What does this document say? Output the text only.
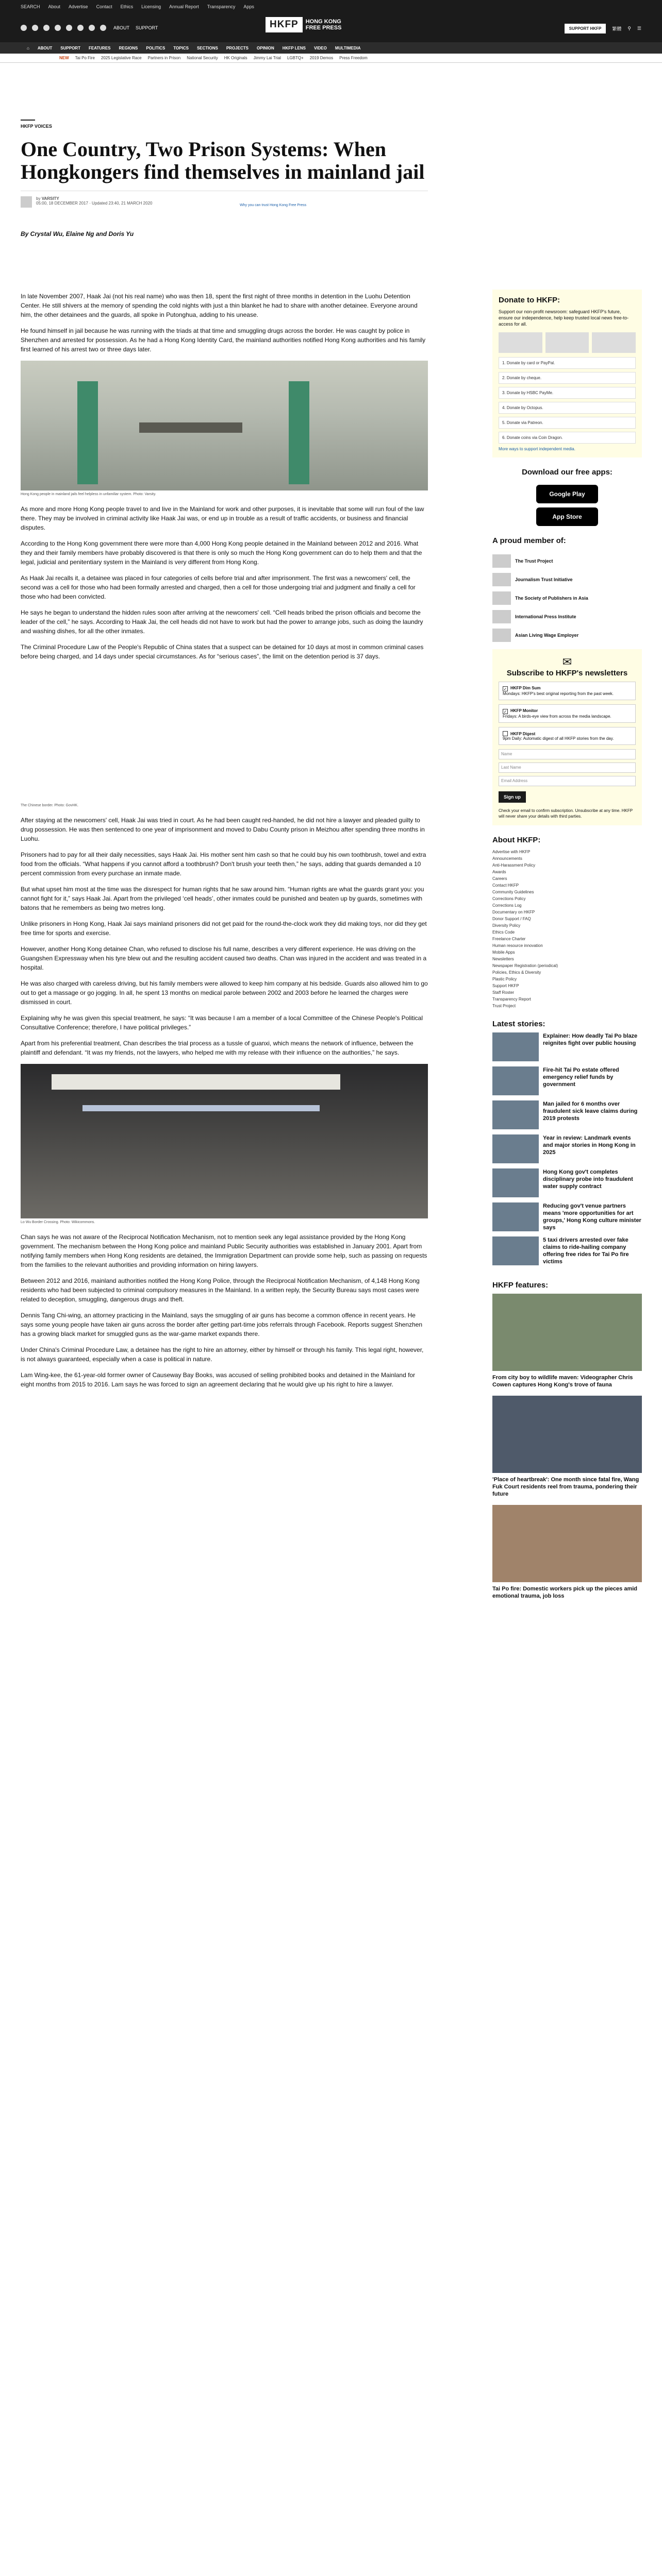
SEARCH About Advertise Contact Ethics Licensing Annual Report Transparency Apps
ABOUT SUPPORT	HKFP	HONG KONG FREE PRESS	SUPPORT HKFP	繁體 ⚲ ☰
⌂ ABOUT SUPPORT FEATURES REGIONS POLITICS TOPICS SECTIONS PROJECTS OPINION HKFP LENS VIDEO MULTIMEDIA
NEW Tai Po Fire 2025 Legislative Race Partners in Prison National Security HK Originals Jimmy Lai Trial LGBTQ+ 2019 Demos Press Freedom
HKFP VOICES
One Country, Two Prison Systems: When Hongkongers find themselves in mainland jail
by VARSITY
05:00, 18 DECEMBER 2017 · Updated 23:40, 21 MARCH 2020	Why you can trust Hong Kong Free Press
By Crystal Wu, Elaine Ng and Doris Yu

In late November 2007, Haak Jai (not his real name) who was then 18, spent the first night of three months in detention in the Luohu Detention Center. He still shivers at the memory of spending the cold nights with just a thin blanket he had to share with another detainee. Everyone around him, the other detainees and the guards, all spoke in Putonghua, adding to his unease.

He found himself in jail because he was running with the triads at that time and smuggling drugs across the border. He was caught by police in Shenzhen and arrested for possession. As he had a Hong Kong Identity Card, the mainland authorities notified Hong Kong authorities and his family first learned of his arrest two or three days later.

Hong Kong people in mainland jails feel helpless in unfamiliar system. Photo: Varsity.

As more and more Hong Kong people travel to and live in the Mainland for work and other purposes, it is inevitable that some will run foul of the law there. They may be involved in criminal activity like Haak Jai was, or end up in trouble as a result of traffic accidents, or business and financial disputes.

According to the Hong Kong government there were more than 4,000 Hong Kong people detained in the Mainland between 2012 and 2016. What they and their family members have probably discovered is that there is only so much the Hong Kong government can do to help them and that the legal, judicial and penitentiary system in the Mainland is very different from Hong Kong.

As Haak Jai recalls it, a detainee was placed in four categories of cells before trial and after imprisonment. The first was a newcomers' cell, the second was a cell for those who had been formally arrested and charged, then a cell for those undergoing trial and judgment and finally a cell for those who had been convicted.

He says he began to understand the hidden rules soon after arriving at the newcomers' cell. “Cell heads bribed the prison officials and become the leader of the cell,” he says. According to Haak Jai, the cell heads did not have to work but had the power to arrange jobs, such as doing the laundry and washing dishes, for all the other inmates.

The Criminal Procedure Law of the People's Republic of China states that a suspect can be detained for 10 days at most in common criminal cases before being charged, and 14 days under special circumstances. As for “serious cases”, the limit on the detention period is 37 days.

The Chinese border. Photo: GovHK.

After staying at the newcomers' cell, Haak Jai was tried in court. As he had been caught red-handed, he did not hire a lawyer and pleaded guilty to drug possession. He was then sentenced to one year of imprisonment and moved to Dabu County prison in Meizhou after spending three months in Luohu.

Prisoners had to pay for all their daily necessities, says Haak Jai. His mother sent him cash so that he could buy his own toothbrush, towel and extra food from the officials. “What happens if you cannot afford a toothbrush? Don't brush your teeth then,” he says, adding that guards demanded a 10 percent commission from every purchase an inmate made.

But what upset him most at the time was the disrespect for human rights that he saw around him. “Human rights are what the guards grant you: you cannot fight for it,” says Haak Jai. Apart from the privileged ‘cell heads’, other inmates could be punished and beaten up by guards, sometimes with batons that he remembers as being two metres long.

Unlike prisoners in Hong Kong, Haak Jai says mainland prisoners did not get paid for the round-the-clock work they did making toys, nor did they get free time for sports and exercise.

However, another Hong Kong detainee Chan, who refused to disclose his full name, describes a very different experience. He was driving on the Guangshen Expressway when his tyre blew out and the resulting accident caused two deaths. Chan was injured in the accident and was treated in a hospital.

He was also charged with careless driving, but his family members were allowed to keep him company at his bedside. Guards also allowed him to go out to get a massage or go jogging. In all, he spent 13 months on medical parole between 2002 and 2003 before he learned the charges were dismissed in court.

Explaining why he was given this special treatment, he says: “It was because I am a member of a local Committee of the Chinese People's Political Consultative Conference; therefore, I have political privileges.”

Apart from his preferential treatment, Chan describes the trial process as a tussle of guanxi, which means the network of influence, between the plaintiff and defendant. “It was my friends, not the lawyers, who helped me with my release with their influence on the authorities,” he says.

Lo Wu Border Crossing. Photo: Wikicommons.

Chan says he was not aware of the Reciprocal Notification Mechanism, not to mention seek any legal assistance provided by the Hong Kong government. The mechanism between the Hong Kong police and mainland Public Security authorities was established in January 2001. Apart from notifying family members when Hong Kong residents are detained, the Immigration Department can provide some help, such as passing on requests from the families to the relevant authorities and providing information on hiring lawyers.

Between 2012 and 2016, mainland authorities notified the Hong Kong Police, through the Reciprocal Notification Mechanism, of 4,148 Hong Kong residents who had been subjected to criminal compulsory measures in the Mainland. In a written reply, the Security Bureau says most cases were related to deception, smuggling, dangerous drugs and theft.

Dennis Tang Chi-wing, an attorney practicing in the Mainland, says the smuggling of air guns has become a common offence in recent years. He says some young people have taken air guns across the border after getting part-time jobs referrals through Facebook. Reports suggest Shenzhen has a growing black market for smuggled guns as the war-game market expands there.

Under China's Criminal Procedure Law, a detainee has the right to hire an attorney, either by himself or through his family. This legal right, however, is not always guaranteed, especially when a case is political in nature.

Lam Wing-kee, the 61-year-old former owner of Causeway Bay Books, was accused of selling prohibited books and detained in the Mainland for eight months from 2015 to 2016. Lam says he was forced to sign an agreement declaring that he would give up his right to hire a lawyer.

Donate to HKFP:
Support our non-profit newsroom: safeguard HKFP's future, ensure our independence, help keep trusted local news free-to-access for all.
1. Donate by card or PayPal.
2. Donate by cheque.
3. Donate by HSBC PayMe.
4. Donate by Octopus.
5. Donate via Patreon.
6. Donate coins via Coin Dragon.
More ways to support independent media.
Download our free apps:
Google Play
App Store
A proud member of:
The Trust Project
Journalism Trust Initiative
The Society of Publishers in Asia
International Press Institute
Asian Living Wage Employer
✉
Subscribe to HKFP's newsletters
✓ HKFP Dim Sum
Mondays: HKFP's best original reporting from the past week.
✓ HKFP Monitor
Fridays: A birds-eye view from across the media landscape.
HKFP Digest
9pm Daily: Automatic digest of all HKFP stories from the day.
Name
Last Name
Email Address
Sign up
Check your email to confirm subscription. Unsubscribe at any time. HKFP will never share your details with third parties.
About HKFP:
Advertise with HKFP
Announcements
Anti-Harassment Policy
Awards
Careers
Contact HKFP
Community Guidelines
Corrections Policy
Corrections Log
Documentary on HKFP
Donor Support / FAQ
Diversity Policy
Ethics Code
Freelance Charter
Human resource innovation
Mobile Apps
Newsletters
Newspaper Registration (periodical)
Policies, Ethics & Diversity
Plastic Policy
Support HKFP
Staff Roster
Transparency Report
Trust Project
Latest stories:
Explainer: How deadly Tai Po blaze reignites fight over public housing
Fire-hit Tai Po estate offered emergency relief funds by government
Man jailed for 6 months over fraudulent sick leave claims during 2019 protests
Year in review: Landmark events and major stories in Hong Kong in 2025
Hong Kong gov't completes disciplinary probe into fraudulent water supply contract
Reducing gov't venue partners means 'more opportunities for art groups,' Hong Kong culture minister says
5 taxi drivers arrested over fake claims to ride-hailing company offering free rides for Tai Po fire victims
HKFP features:
From city boy to wildlife maven: Videographer Chris Cowen captures Hong Kong's trove of fauna
'Place of heartbreak': One month since fatal fire, Wang Fuk Court residents reel from trauma, pondering their future
Tai Po fire: Domestic workers pick up the pieces amid emotional trauma, job loss
